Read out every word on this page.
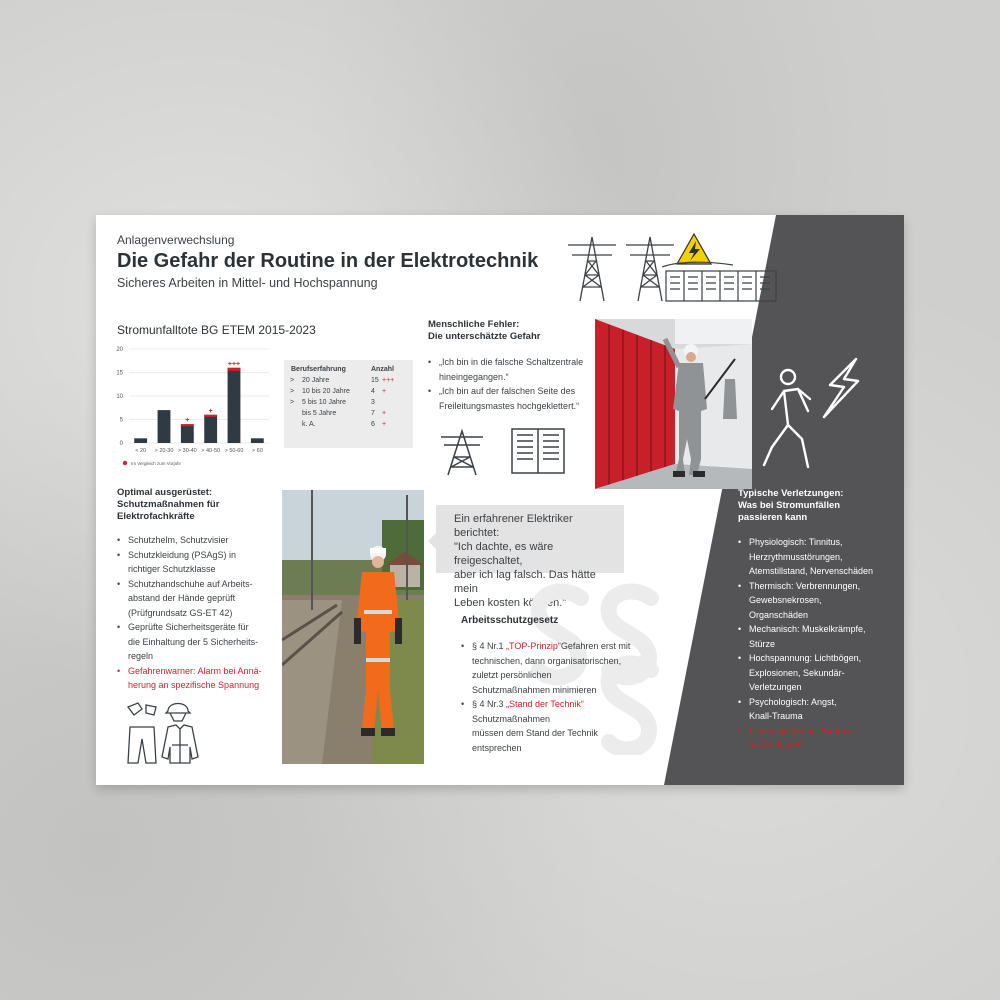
Anlagenverwechslung
Die Gefahr der Routine in der Elektrotechnik
Sicheres Arbeiten in Mittel- und Hochspannung
Stromunfalltote BG ETEM 2015-2023
0
5
10
15
20
< 20 > 20-30
+
> 30-40
+
> 40-50
+++
> 50-60 > 60
Im Vergleich zum Vorjahr
Berufserfahrung	Anzahl
> 20 Jahre	15 +++
> 10 bis 20 Jahre	4 +
> 5 bis 10 Jahre	3
bis 5 Jahre	7 +
k. A.	6 +
Optimal ausgerüstet:
Schutzmaßnahmen für
Elektrofachkräfte
• Schutzhelm, Schutzvisier
• Schutzkleidung (PSAgS) in
richtiger Schutzklasse
• Schutzhandschuhe auf Arbeits-
abstand der Hände geprüft
(Prüfgrundsatz GS-ET 42)
• Geprüfte Sicherheitsgeräte für
die Einhaltung der 5 Sicherheits-
regeln
• Gefahrenwarner: Alarm bei Annä-
herung an spezifische Spannung
Menschliche Fehler:
Die unterschätzte Gefahr
• „Ich bin in die falsche Schaltzentrale
hineingegangen.“
• „Ich bin auf der falschen Seite des
Freileitungsmastes hochgeklettert.“
Ein erfahrener Elektriker berichtet:
"Ich dachte, es wäre freigeschaltet,
aber ich lag falsch. Das hätte mein
Leben kosten können."
Arbeitsschutzgesetz
• § 4 Nr.1 „TOP-Prinzip“Gefahren erst mit
technischen, dann organisatorischen,
zuletzt persönlichen
Schutzmaßnahmen minimieren
• § 4 Nr.3 „Stand der Technik“
Schutzmaßnahmen
müssen dem Stand der Technik
entsprechen
Typische Verletzungen:
Was bei Stromunfällen
passieren kann
• Physiologisch: Tinnitus,
Herzrythmusstörungen,
Atemstillstand, Nervenschäden
• Thermisch: Verbrennungen,
Gewebsnekrosen,
Organschäden
• Mechanisch: Muskelkrämpfe,
Stürze
• Hochspannung: Lichtbögen,
Explosionen, Sekundär-
Verletzungen
• Psychologisch: Angst,
Knall-Trauma
• Lebensgefahr bei Strömen
ab 30-50 mA!
